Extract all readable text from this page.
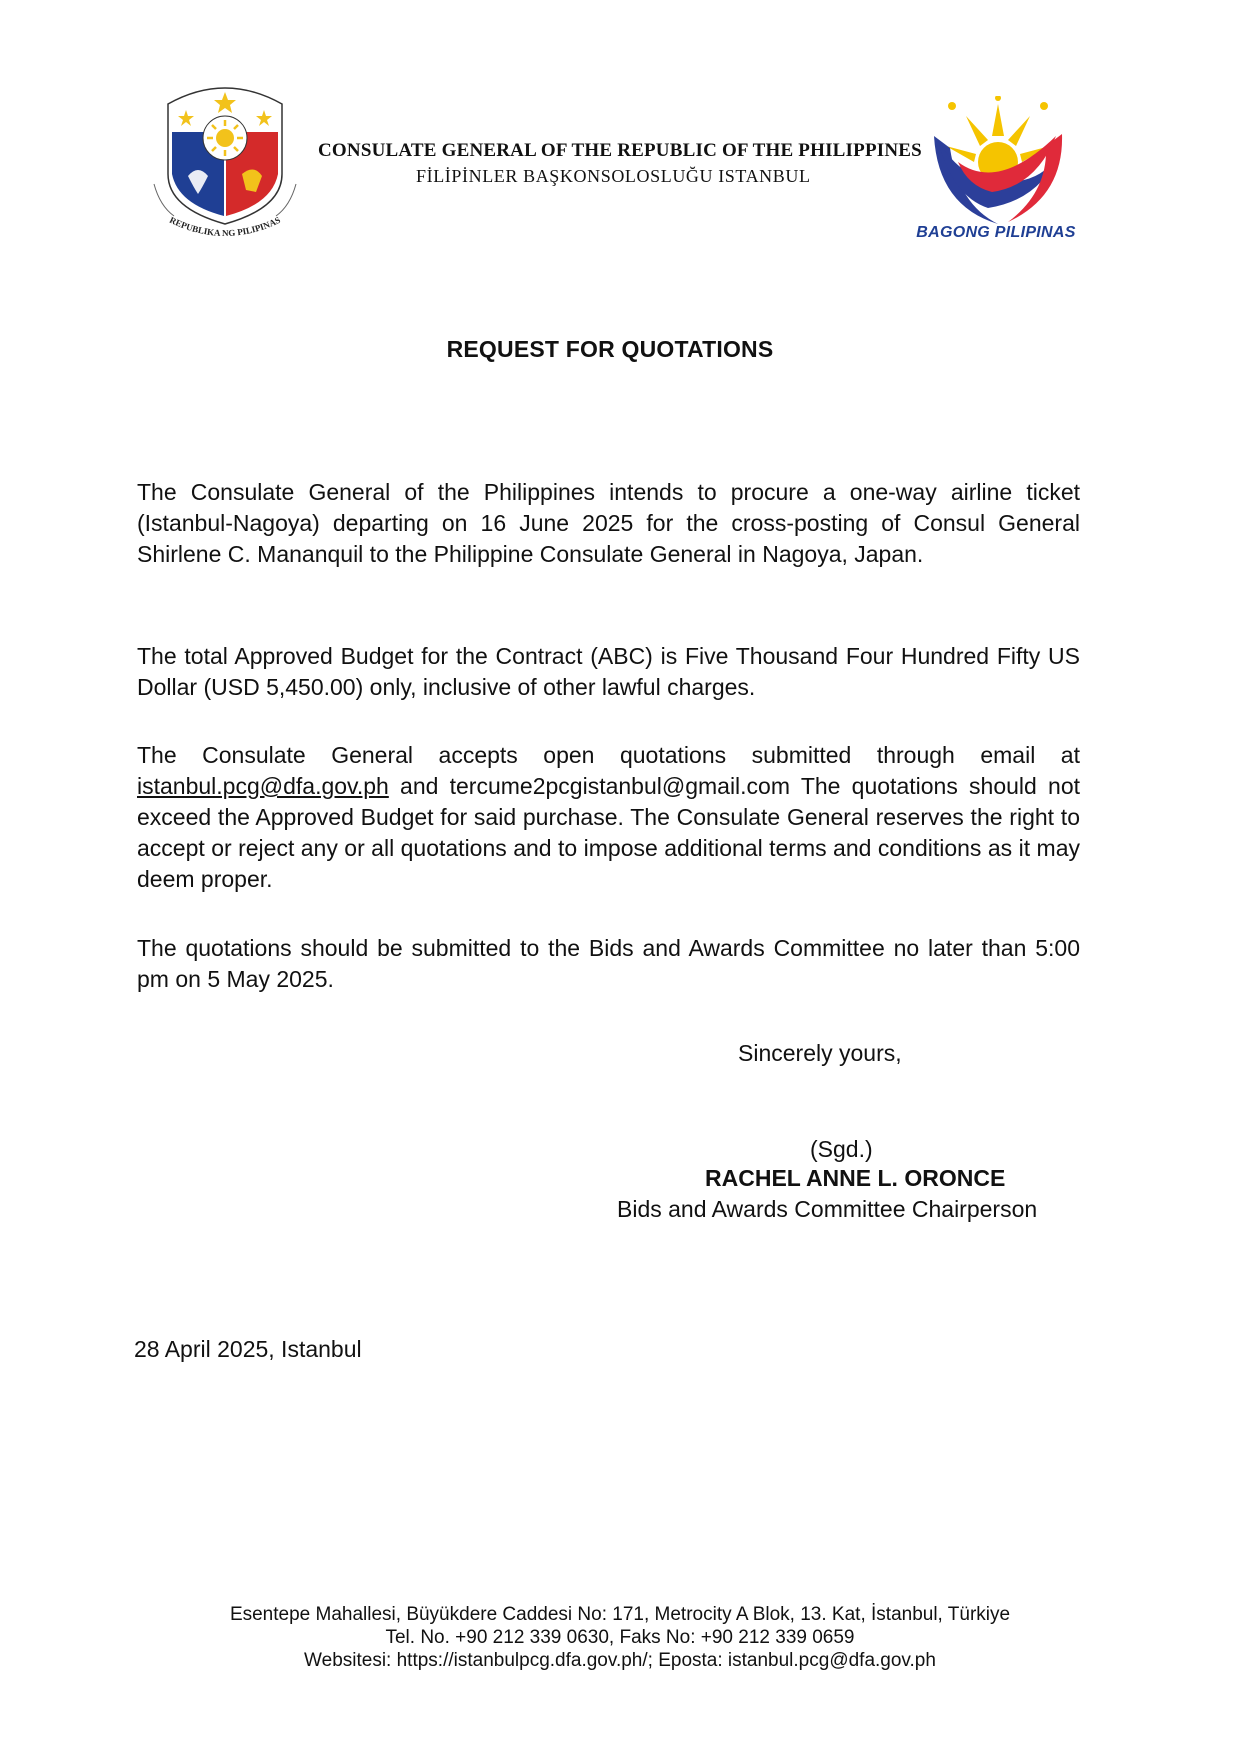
REPUBLIKA NG PILIPINAS
CONSULATE GENERAL OF THE REPUBLIC OF THE PHILIPPINES
FİLİPİNLER BAŞKONSOLOSLUĞU ISTANBUL
BAGONG PILIPINAS
REQUEST FOR QUOTATIONS

The Consulate General of the Philippines intends to procure a one-way airline ticket (Istanbul-Nagoya) departing on 16 June 2025 for the cross-posting of Consul General Shirlene C. Mananquil to the Philippine Consulate General in Nagoya, Japan.

The total Approved Budget for the Contract (ABC) is Five Thousand Four Hundred Fifty US Dollar (USD 5,450.00) only, inclusive of other lawful charges.

The Consulate General accepts open quotations submitted through email at istanbul.pcg@dfa.gov.ph and tercume2pcgistanbul@gmail.com The quotations should not exceed the Approved Budget for said purchase. The Consulate General reserves the right to accept or reject any or all quotations and to impose additional terms and conditions as it may deem proper.

The quotations should be submitted to the Bids and Awards Committee no later than 5:00 pm on 5 May 2025.

Sincerely yours,
(Sgd.)
RACHEL ANNE L. ORONCE
Bids and Awards Committee Chairperson
28 April 2025, Istanbul
Esentepe Mahallesi, Büyükdere Caddesi No: 171, Metrocity A Blok, 13. Kat, İstanbul, Türkiye
Tel. No. +90 212 339 0630, Faks No: +90 212 339 0659
Websitesi: https://istanbulpcg.dfa.gov.ph/; Eposta: istanbul.pcg@dfa.gov.ph
